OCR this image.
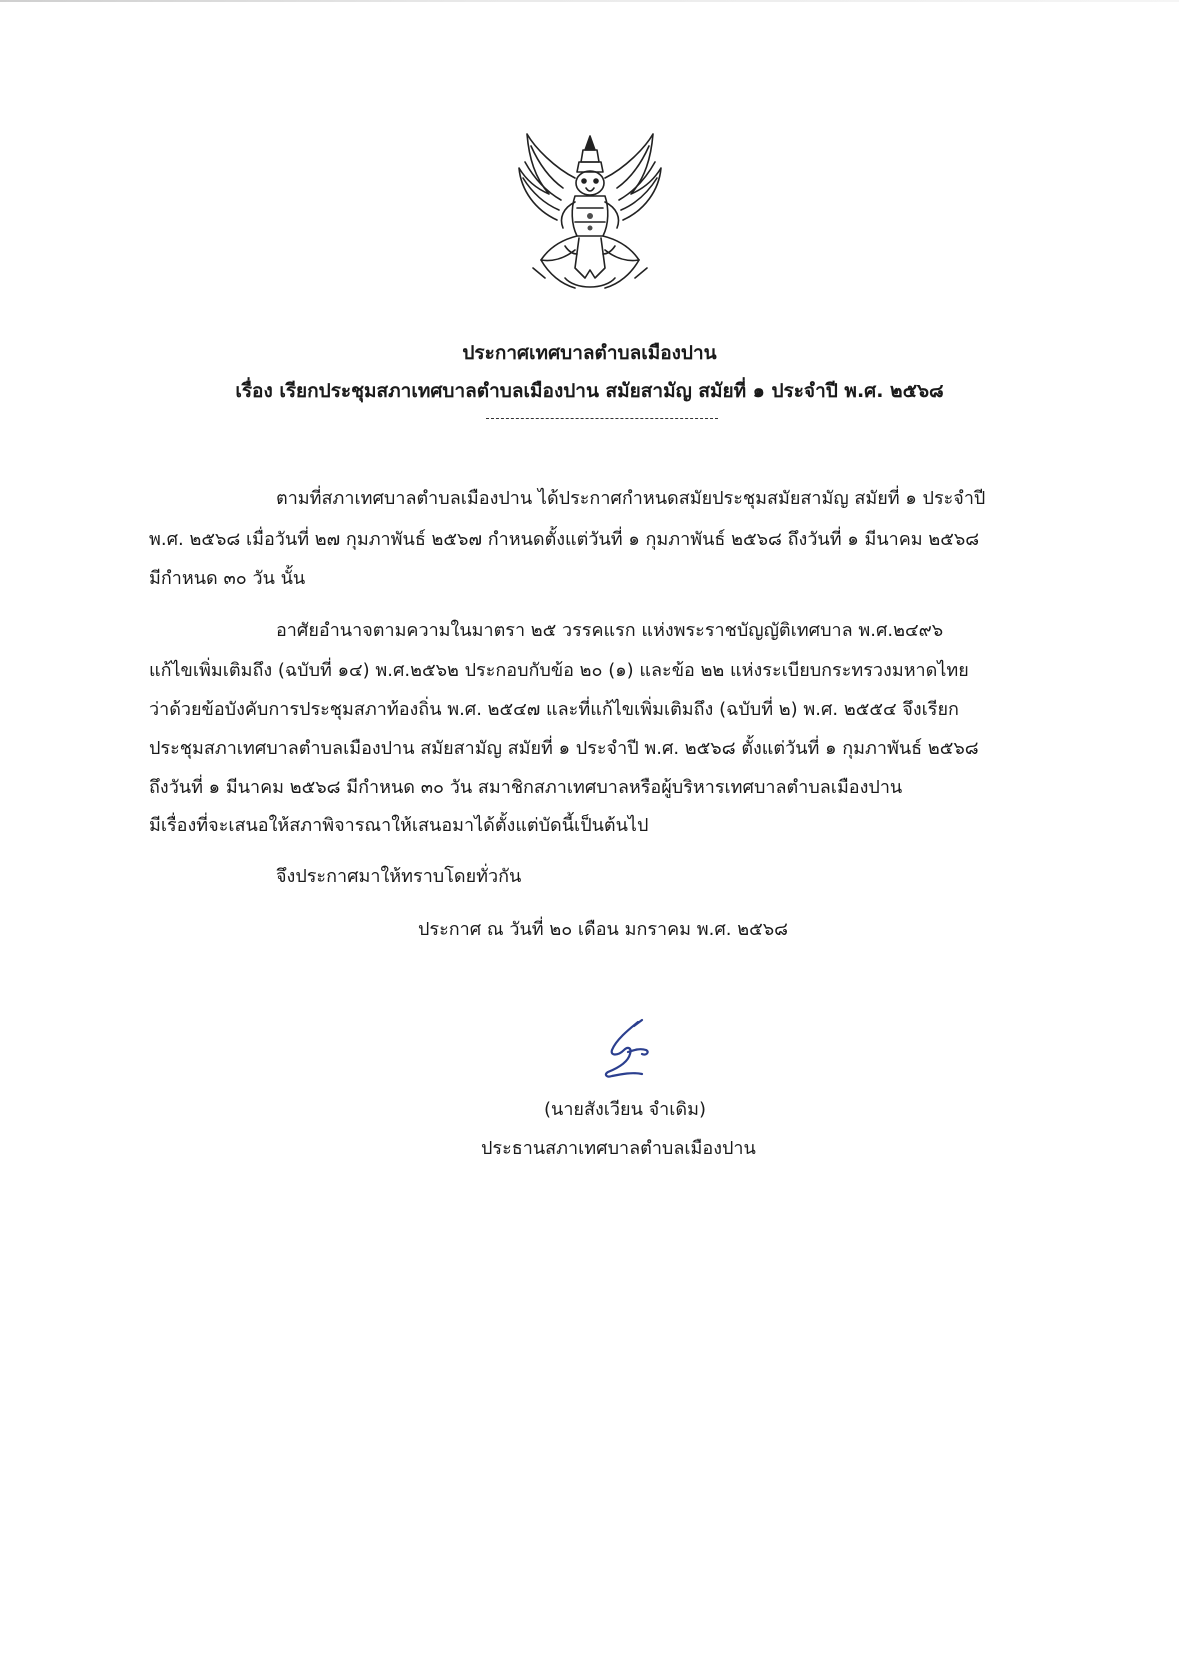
ประกาศเทศบาลตำบลเมืองปาน
เรื่อง เรียกประชุมสภาเทศบาลตำบลเมืองปาน สมัยสามัญ สมัยที่ ๑ ประจำปี พ.ศ. ๒๕๖๘
ตามที่สภาเทศบาลตำบลเมืองปาน ได้ประกาศกำหนดสมัยประชุมสมัยสามัญ สมัยที่ ๑ ประจำปี
พ.ศ. ๒๕๖๘ เมื่อวันที่ ๒๗ กุมภาพันธ์ ๒๕๖๗ กำหนดตั้งแต่วันที่ ๑ กุมภาพันธ์ ๒๕๖๘ ถึงวันที่ ๑ มีนาคม ๒๕๖๘
มีกำหนด ๓๐ วัน นั้น
อาศัยอำนาจตามความในมาตรา ๒๕ วรรคแรก แห่งพระราชบัญญัติเทศบาล พ.ศ.๒๔๙๖
แก้ไขเพิ่มเติมถึง (ฉบับที่ ๑๔) พ.ศ.๒๕๖๒ ประกอบกับข้อ ๒๐ (๑) และข้อ ๒๒ แห่งระเบียบกระทรวงมหาดไทย
ว่าด้วยข้อบังคับการประชุมสภาท้องถิ่น พ.ศ. ๒๕๔๗ และที่แก้ไขเพิ่มเติมถึง (ฉบับที่ ๒) พ.ศ. ๒๕๕๔ จึงเรียก
ประชุมสภาเทศบาลตำบลเมืองปาน สมัยสามัญ สมัยที่ ๑ ประจำปี พ.ศ. ๒๕๖๘ ตั้งแต่วันที่ ๑ กุมภาพันธ์ ๒๕๖๘
ถึงวันที่ ๑ มีนาคม ๒๕๖๘ มีกำหนด ๓๐ วัน สมาชิกสภาเทศบาลหรือผู้บริหารเทศบาลตำบลเมืองปาน
มีเรื่องที่จะเสนอให้สภาพิจารณาให้เสนอมาได้ตั้งแต่บัดนี้เป็นต้นไป
จึงประกาศมาให้ทราบโดยทั่วกัน
ประกาศ ณ วันที่ ๒๐ เดือน มกราคม พ.ศ. ๒๕๖๘
(นายสังเวียน จำเดิม)
ประธานสภาเทศบาลตำบลเมืองปาน
